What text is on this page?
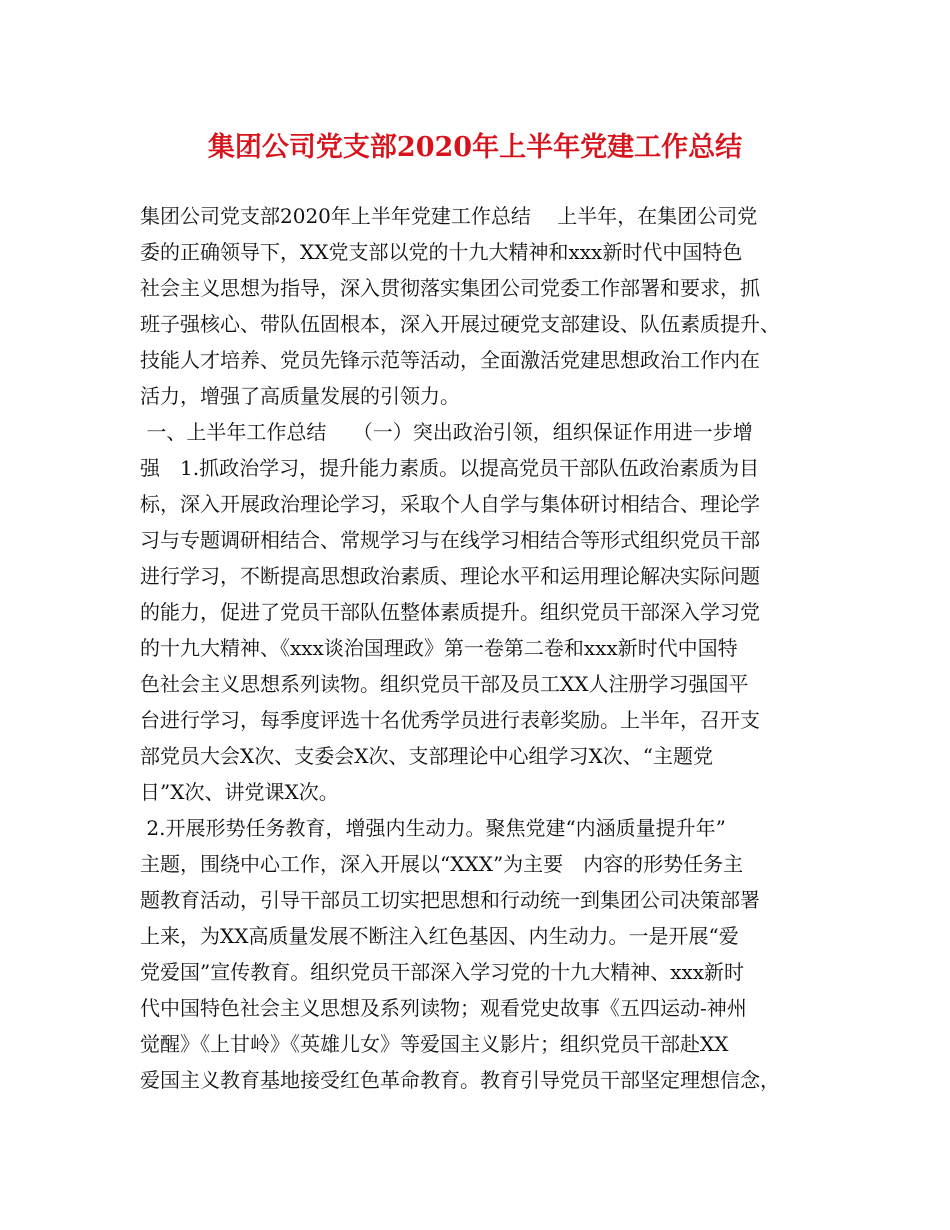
集团公司党支部2020年上半年党建工作总结
集团公司党支部2020年上半年党建工作总结　 上半年，在集团公司党
委的正确领导下，XX党支部以党的十九大精神和xxx新时代中国特色
社会主义思想为指导，深入贯彻落实集团公司党委工作部署和要求，抓
班子强核心、带队伍固根本，深入开展过硬党支部建设、队伍素质提升、
技能人才培养、党员先锋示范等活动，全面激活党建思想政治工作内在
活力，增强了高质量发展的引领力。
一、上半年工作总结　 （一）突出政治引领，组织保证作用进一步增
强　1.抓政治学习，提升能力素质。以提高党员干部队伍政治素质为目
标，深入开展政治理论学习，采取个人自学与集体研讨相结合、理论学
习与专题调研相结合、常规学习与在线学习相结合等形式组织党员干部
进行学习，不断提高思想政治素质、理论水平和运用理论解决实际问题
的能力，促进了党员干部队伍整体素质提升。组织党员干部深入学习党
的十九大精神、《xxx谈治国理政》第一卷第二卷和xxx新时代中国特
色社会主义思想系列读物。组织党员干部及员工XX人注册学习强国平
台进行学习，每季度评选十名优秀学员进行表彰奖励。上半年，召开支
部党员大会X次、支委会X次、支部理论中心组学习X次、“主题党
日”X次、讲党课X次。
2.开展形势任务教育，增强内生动力。聚焦党建“内涵质量提升年”
主题，围绕中心工作，深入开展以“XXX”为主要　内容的形势任务主
题教育活动，引导干部员工切实把思想和行动统一到集团公司决策部署
上来，为XX高质量发展不断注入红色基因、内生动力。一是开展“爱
党爱国”宣传教育。组织党员干部深入学习党的十九大精神、xxx新时
代中国特色社会主义思想及系列读物；观看党史故事《五四运动-神州
觉醒》《上甘岭》《英雄儿女》等爱国主义影片；组织党员干部赴XX
爱国主义教育基地接受红色革命教育。教育引导党员干部坚定理想信念，
